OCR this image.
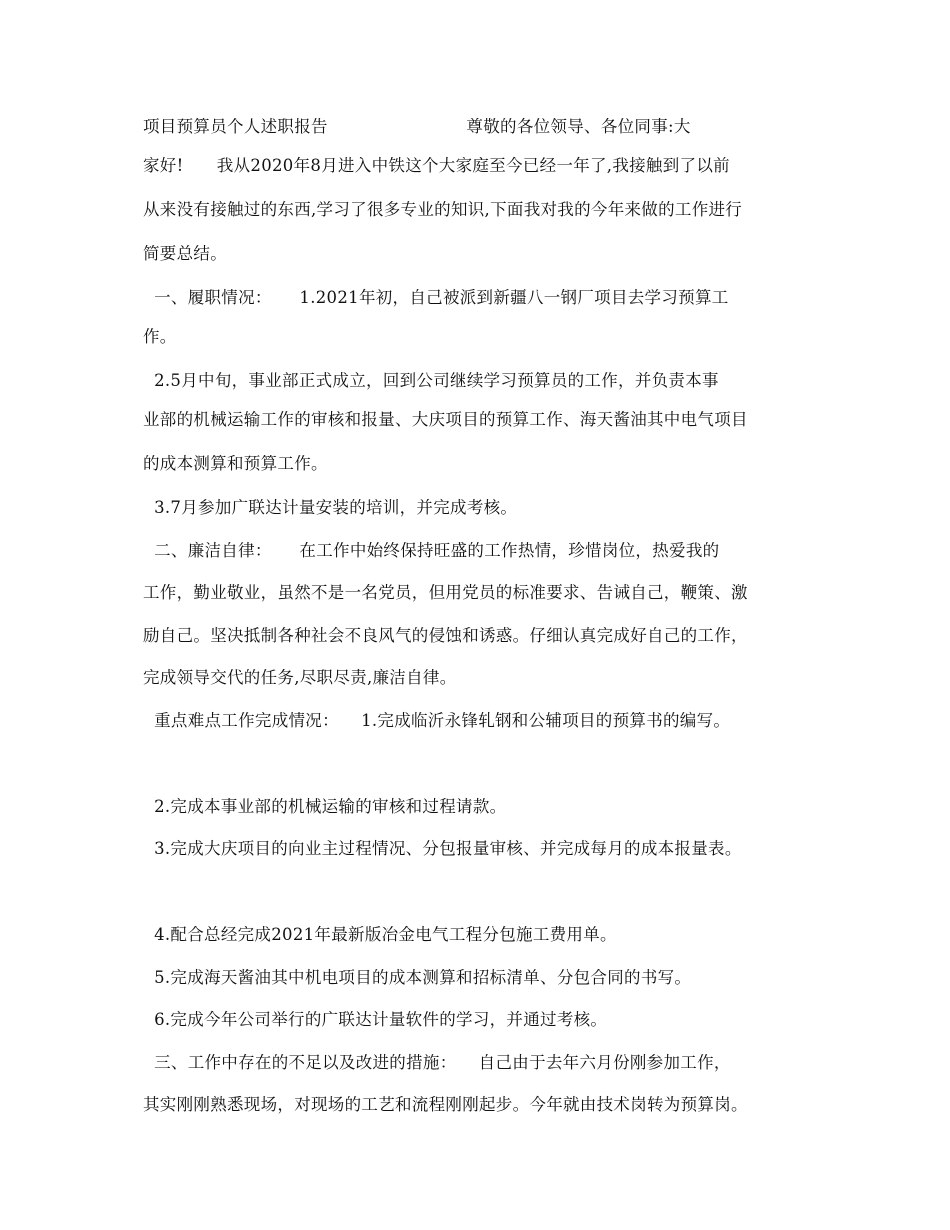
项目预算员个人述职报告                         尊敬的各位领导、各位同事:大
家好!      我从2020年8月进入中铁这个大家庭至今已经一年了,我接触到了以前
从来没有接触过的东西,学习了很多专业的知识,下面我对我的今年来做的工作进行
简要总结。
一、履职情况：     1.2021年初，自己被派到新疆八一钢厂项目去学习预算工
作。
2.5月中旬，事业部正式成立，回到公司继续学习预算员的工作，并负责本事
业部的机械运输工作的审核和报量、大庆项目的预算工作、海天酱油其中电气项目
的成本测算和预算工作。
3.7月参加广联达计量安装的培训，并完成考核。
二、廉洁自律：     在工作中始终保持旺盛的工作热情，珍惜岗位，热爱我的
工作，勤业敬业，虽然不是一名党员，但用党员的标准要求、告诫自己，鞭策、激
励自己。坚决抵制各种社会不良风气的侵蚀和诱惑。仔细认真完成好自己的工作，
完成领导交代的任务,尽职尽责,廉洁自律。
重点难点工作完成情况：    1.完成临沂永锋轧钢和公辅项目的预算书的编写。
2.完成本事业部的机械运输的审核和过程请款。
3.完成大庆项目的向业主过程情况、分包报量审核、并完成每月的成本报量表。
4.配合总经完成2021年最新版冶金电气工程分包施工费用单。
5.完成海天酱油其中机电项目的成本测算和招标清单、分包合同的书写。
6.完成今年公司举行的广联达计量软件的学习，并通过考核。
三、工作中存在的不足以及改进的措施：    自己由于去年六月份刚参加工作，
其实刚刚熟悉现场，对现场的工艺和流程刚刚起步。今年就由技术岗转为预算岗。
